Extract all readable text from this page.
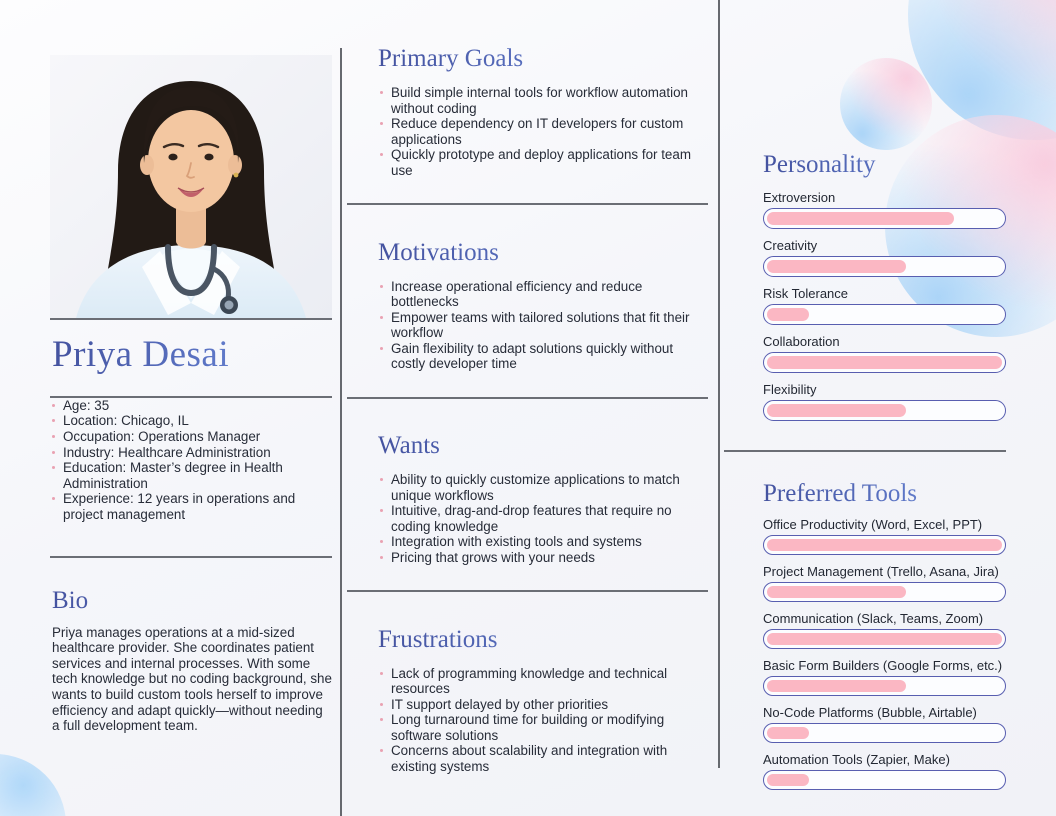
Priya Desai
Age: 35
Location: Chicago, IL
Occupation: Operations Manager
Industry: Healthcare Administration
Education: Master’s degree in Health Administration
Experience: 12 years in operations and project management
Bio

Priya manages operations at a mid-sized healthcare provider. She coordinates patient services and internal processes. With some tech knowledge but no coding background, she wants to build custom tools herself to improve efficiency and adapt quickly—without needing a full development team.

Primary Goals
Build simple internal tools for workflow automation without coding
Reduce dependency on IT developers for custom applications
Quickly prototype and deploy applications for team use
Motivations
Increase operational efficiency and reduce bottlenecks
Empower teams with tailored solutions that fit their workflow
Gain flexibility to adapt solutions quickly without costly developer time
Wants
Ability to quickly customize applications to match unique workflows
Intuitive, drag-and-drop features that require no coding knowledge
Integration with existing tools and systems
Pricing that grows with your needs
Frustrations
Lack of programming knowledge and technical resources
IT support delayed by other priorities
Long turnaround time for building or modifying software solutions
Concerns about scalability and integration with existing systems
Personality
Extroversion
Creativity
Risk Tolerance
Collaboration
Flexibility
Preferred Tools
Office Productivity (Word, Excel, PPT)
Project Management (Trello, Asana, Jira)
Communication (Slack, Teams, Zoom)
Basic Form Builders (Google Forms, etc.)
No-Code Platforms (Bubble, Airtable)
Automation Tools (Zapier, Make)
